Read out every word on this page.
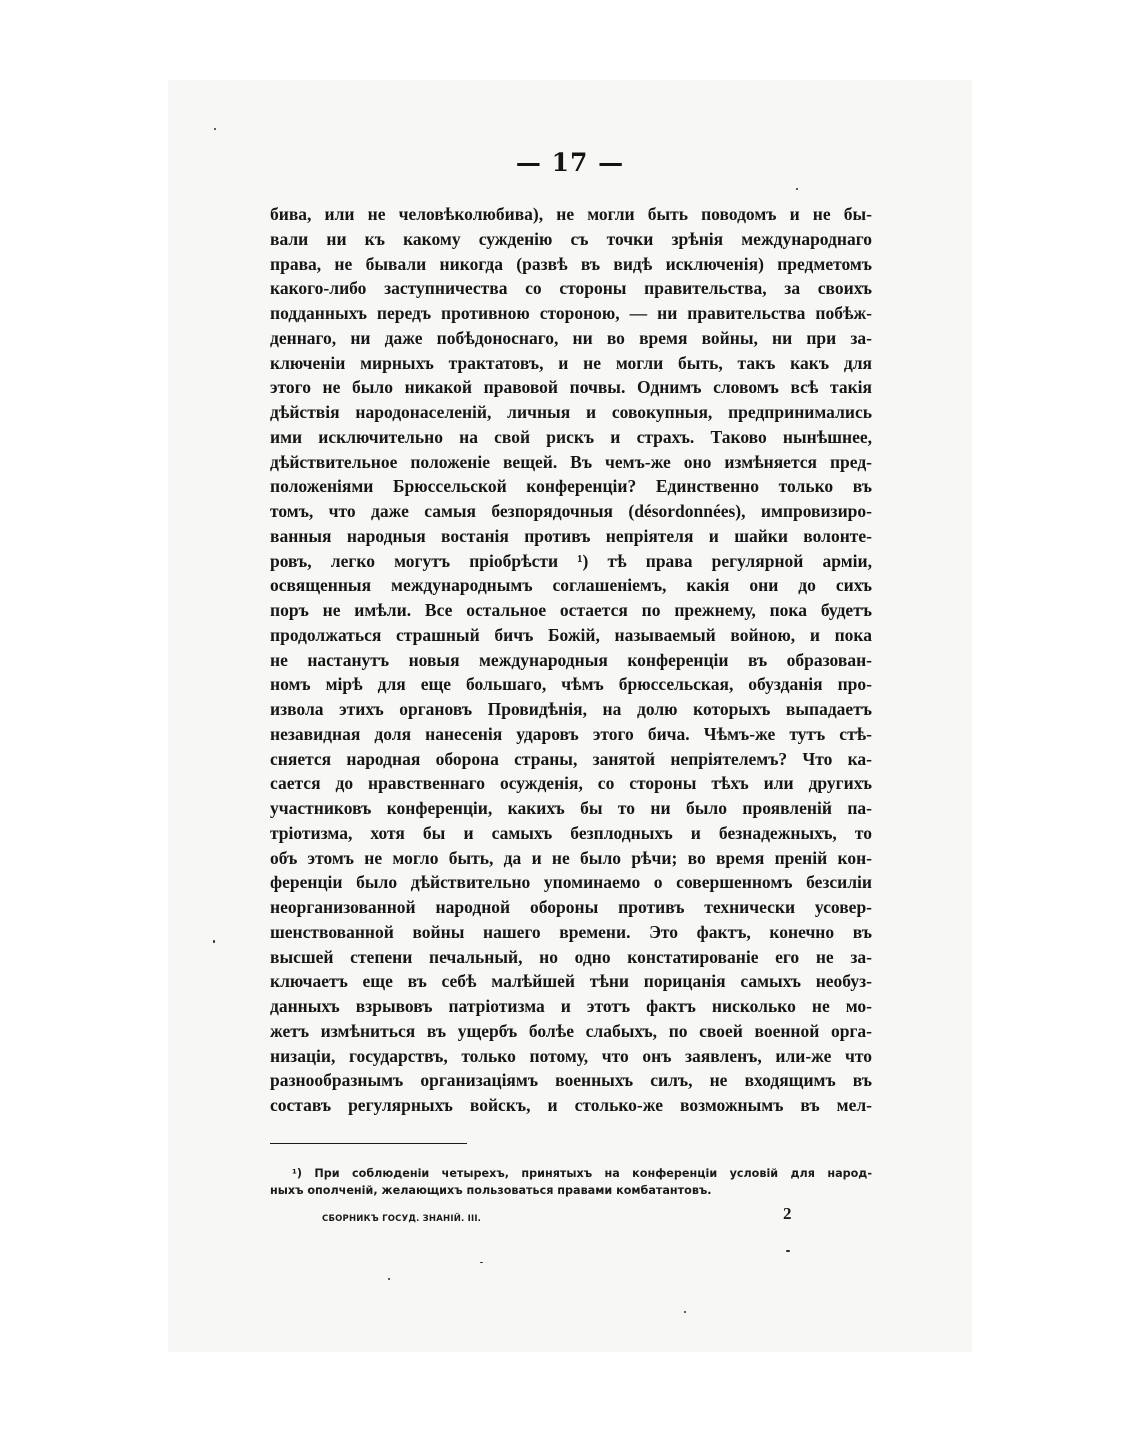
— 17 —
бива, или не человѣколюбива), не могли быть поводомъ и не бы-
вали ни къ какому сужденію съ точки зрѣнія международнаго
права, не бывали никогда (развѣ въ видѣ исключенія) предметомъ
какого-либо заступничества со стороны правительства, за своихъ
подданныхъ передъ противною стороною, — ни правительства побѣж-
деннаго, ни даже побѣдоноснаго, ни во время войны, ни при за-
ключеніи мирныхъ трактатовъ, и не могли быть, такъ какъ для
этого не было никакой правовой почвы. Однимъ словомъ всѣ такія
дѣйствія народонаселеній, личныя и совокупныя, предпринимались
ими исключительно на свой рискъ и страхъ. Таково нынѣшнее,
дѣйствительное положеніе вещей. Въ чемъ-же оно измѣняется пред-
положеніями Брюссельской конференціи? Единственно только въ
томъ, что даже самыя безпорядочныя (désordonnées), импровизиро-
ванныя народныя востанія противъ непріятеля и шайки волонте-
ровъ, легко могутъ пріобрѣсти ¹) тѣ права регулярной арміи,
освященныя международнымъ соглашеніемъ, какія они до сихъ
поръ не имѣли. Все остальное остается по прежнему, пока будетъ
продолжаться страшный бичъ Божій, называемый войною, и пока
не настанутъ новыя международныя конференціи въ образован-
номъ мірѣ для еще большаго, чѣмъ брюссельская, обузданія про-
извола этихъ органовъ Провидѣнія, на долю которыхъ выпадаетъ
незавидная доля нанесенія ударовъ этого бича. Чѣмъ-же тутъ стѣ-
сняется народная оборона страны, занятой непріятелемъ? Что ка-
сается до нравственнаго осужденія, со стороны тѣхъ или другихъ
участниковъ конференціи, какихъ бы то ни было проявленій па-
тріотизма, хотя бы и самыхъ безплодныхъ и безнадежныхъ, то
объ этомъ не могло быть, да и не было рѣчи; во время преній кон-
ференціи было дѣйствительно упоминаемо о совершенномъ безсиліи
неорганизованной народной обороны противъ технически усовер-
шенствованной войны нашего времени. Это фактъ, конечно въ
высшей степени печальный, но одно констатированіе его не за-
ключаетъ еще въ себѣ малѣйшей тѣни порицанія самыхъ необуз-
данныхъ взрывовъ патріотизма и этотъ фактъ нисколько не мо-
жетъ измѣниться въ ущербъ болѣе слабыхъ, по своей военной орга-
низаціи, государствъ, только потому, что онъ заявленъ, или-же что
разнообразнымъ организаціямъ военныхъ силъ, не входящимъ въ
составъ регулярныхъ войскъ, и столько-же возможнымъ въ мел-
¹) При соблюденіи четырехъ, принятыхъ на конференціи условій для народ-
ныхъ ополченій, желающихъ пользоваться правами комбатантовъ.
СБОРНИКЪ ГОСУД. ЗНАНІЙ. III.	2
